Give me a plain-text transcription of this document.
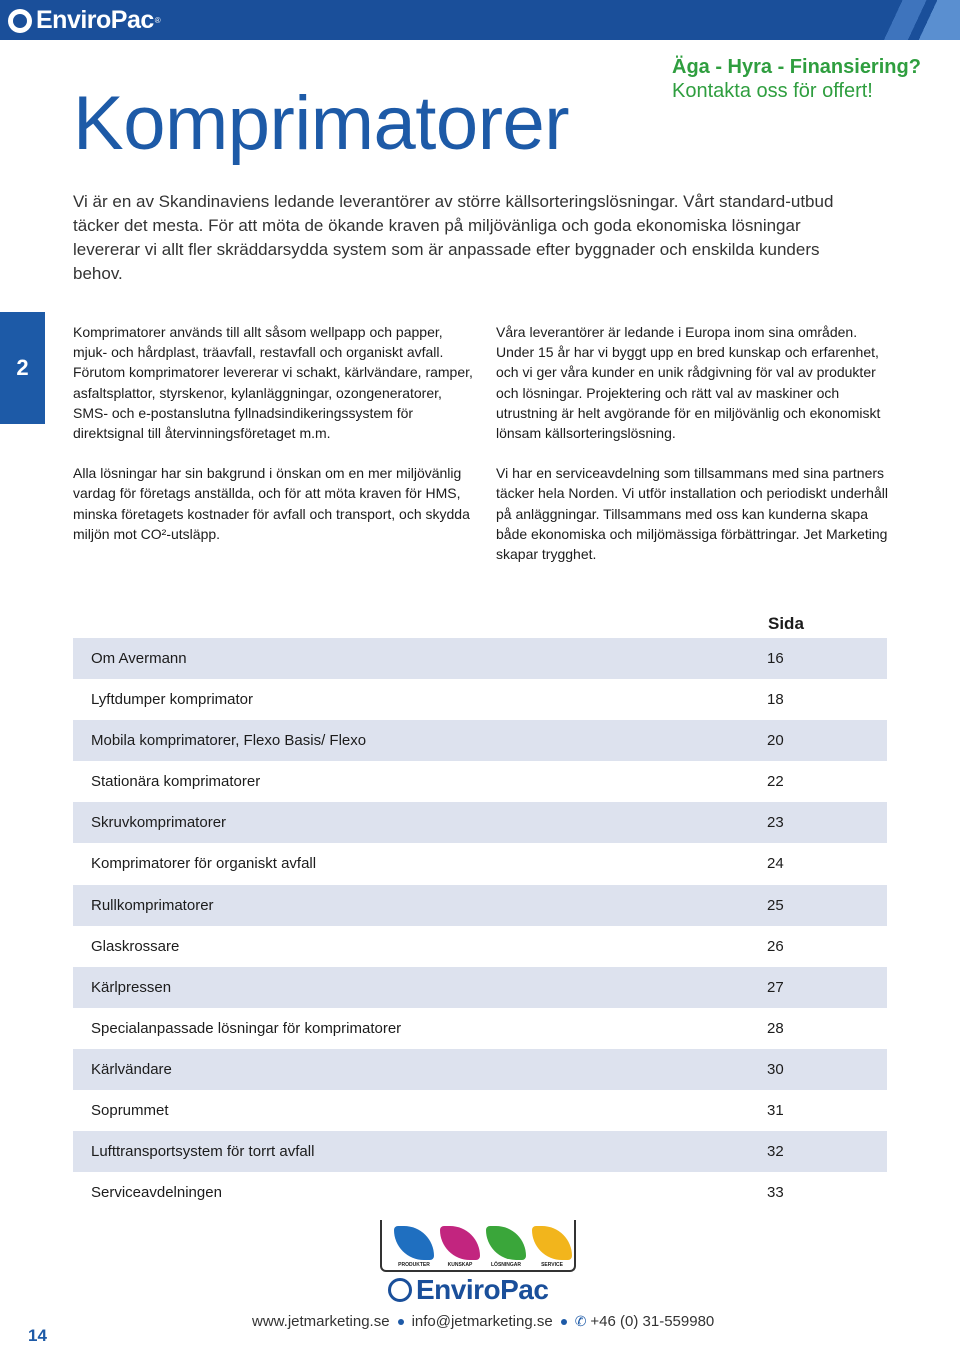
EnviroPac ®
Komprimatorer
Äga - Hyra - Finansiering?
Kontakta oss för offert!

Vi är en av Skandinaviens ledande leverantörer av större källsorteringslösningar. Vårt standard-utbud täcker det mesta. För att möta de ökande kraven på miljövänliga och goda ekonomiska lösningar levererar vi allt fler skräddarsydda system som är anpassade efter byggnader och enskilda kunders behov.

2

Komprimatorer används till allt såsom wellpapp och papper, mjuk- och hårdplast, träavfall, restavfall och organiskt avfall. Förutom komprimatorer levererar vi schakt, kärlvändare, ramper, asfaltsplattor, styrskenor, kylanläggningar, ozongeneratorer, SMS- och e-postanslutna fyllnadsindikeringssystem för direktsignal till återvinningsföretaget m.m.

Alla lösningar har sin bakgrund i önskan om en mer miljövänlig vardag för företags anställda, och för att möta kraven för HMS, minska företagets kostnader för avfall och transport, och skydda miljön mot CO²-utsläpp.

Våra leverantörer är ledande i Europa inom sina områden. Under 15 år har vi byggt upp en bred kunskap och erfarenhet, och vi ger våra kunder en unik rådgivning för val av produkter och lösningar. Projektering och rätt val av maskiner och utrustning är helt avgörande för en miljövänlig och ekonomiskt lönsam källsorteringslösning.

Vi har en serviceavdelning som tillsammans med sina partners täcker hela Norden. Vi utför installation och periodiskt underhåll på anläggningar. Tillsammans med oss kan kunderna skapa både ekonomiska och miljömässiga förbättringar. Jet Marketing skapar trygghet.

Sida
Om Avermann	16
Lyftdumper komprimator	18
Mobila komprimatorer, Flexo Basis/ Flexo	20
Stationära komprimatorer	22
Skruvkomprimatorer	23
Komprimatorer för organiskt avfall	24
Rullkomprimatorer	25
Glaskrossare	26
Kärlpressen	27
Specialanpassade lösningar för komprimatorer	28
Kärlvändare	30
Soprummet	31
Lufttransportsystem för torrt avfall	32
Serviceavdelningen	33
PRODUKTER	KUNSKAP	LÖSNINGAR	SERVICE
EnviroPac
14
www.jetmarketing.se info@jetmarketing.se ✆ +46 (0) 31-559980
